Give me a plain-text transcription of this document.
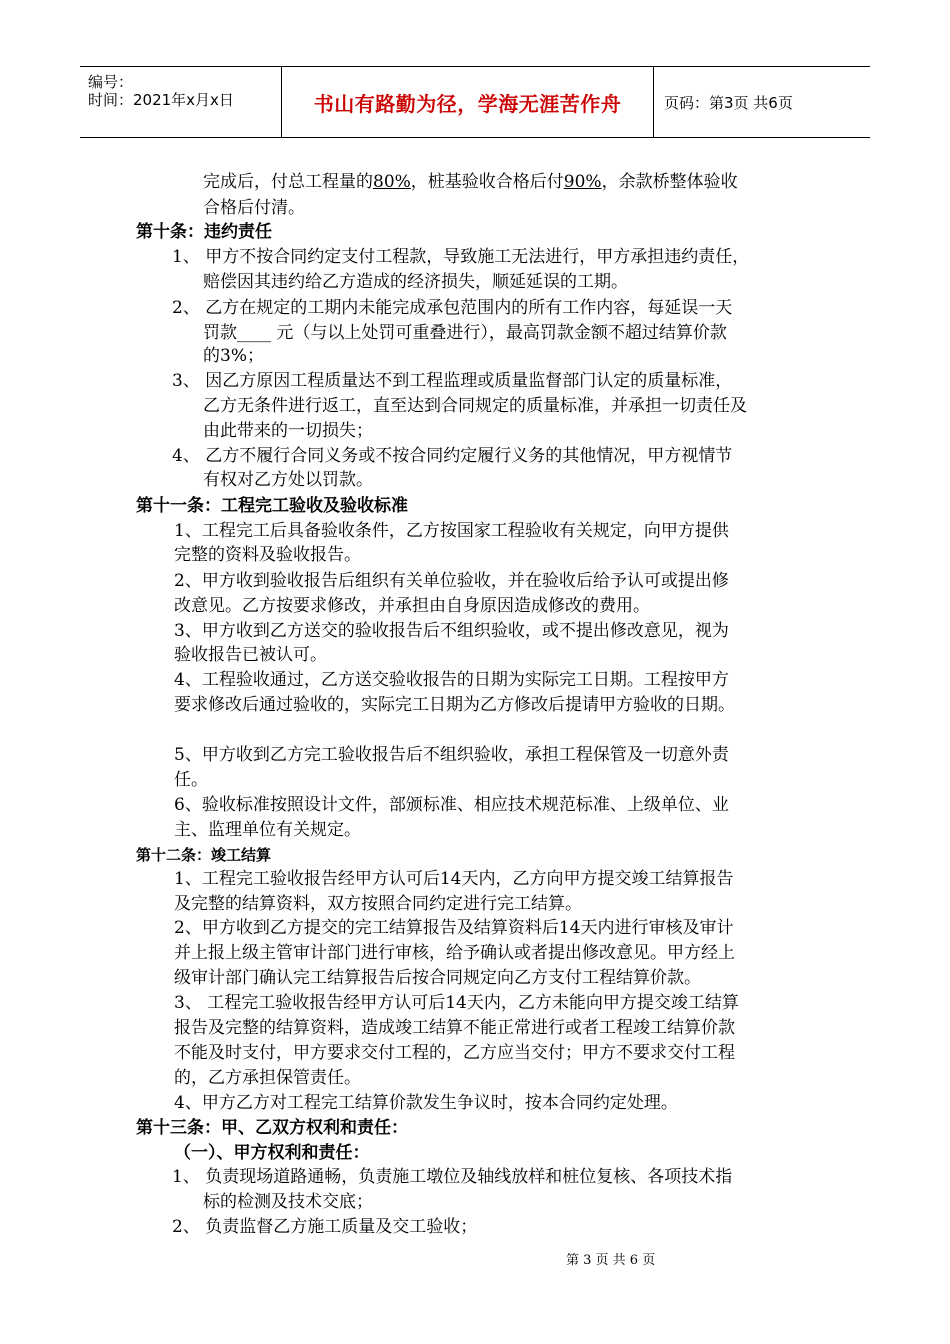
编号：
时间：2021年x月x日	书山有路勤为径，学海无涯苦作舟	页码：第3页 共6页
完成后，付总工程量的80%，桩基验收合格后付90%，余款桥整体验收
合格后付清。
第十条：违约责任
1、 甲方不按合同约定支付工程款，导致施工无法进行，甲方承担违约责任，
赔偿因其违约给乙方造成的经济损失，顺延延误的工期。
2、 乙方在规定的工期内未能完成承包范围内的所有工作内容，每延误一天
罚款____ 元（与以上处罚可重叠进行），最高罚款金额不超过结算价款
的3%；
3、 因乙方原因工程质量达不到工程监理或质量监督部门认定的质量标准，
乙方无条件进行返工，直至达到合同规定的质量标准，并承担一切责任及
由此带来的一切损失；
4、 乙方不履行合同义务或不按合同约定履行义务的其他情况，甲方视情节
有权对乙方处以罚款。
第十一条：工程完工验收及验收标准
1、工程完工后具备验收条件，乙方按国家工程验收有关规定，向甲方提供
完整的资料及验收报告。
2、甲方收到验收报告后组织有关单位验收，并在验收后给予认可或提出修
改意见。乙方按要求修改，并承担由自身原因造成修改的费用。
3、甲方收到乙方送交的验收报告后不组织验收，或不提出修改意见，视为
验收报告已被认可。
4、工程验收通过，乙方送交验收报告的日期为实际完工日期。工程按甲方
要求修改后通过验收的，实际完工日期为乙方修改后提请甲方验收的日期。
5、甲方收到乙方完工验收报告后不组织验收，承担工程保管及一切意外责
任。
6、验收标准按照设计文件，部颁标准、相应技术规范标准、上级单位、业
主、监理单位有关规定。
第十二条：竣工结算
1、工程完工验收报告经甲方认可后14天内，乙方向甲方提交竣工结算报告
及完整的结算资料，双方按照合同约定进行完工结算。
2、甲方收到乙方提交的完工结算报告及结算资料后14天内进行审核及审计
并上报上级主管审计部门进行审核，给予确认或者提出修改意见。甲方经上
级审计部门确认完工结算报告后按合同规定向乙方支付工程结算价款。
3、 工程完工验收报告经甲方认可后14天内，乙方未能向甲方提交竣工结算
报告及完整的结算资料，造成竣工结算不能正常进行或者工程竣工结算价款
不能及时支付，甲方要求交付工程的，乙方应当交付；甲方不要求交付工程
的，乙方承担保管责任。
4、甲方乙方对工程完工结算价款发生争议时，按本合同约定处理。
第十三条：甲、乙双方权利和责任：
（一）、甲方权利和责任：
1、 负责现场道路通畅，负责施工墩位及轴线放样和桩位复核、各项技术指
标的检测及技术交底；
2、 负责监督乙方施工质量及交工验收；
第 3 页 共 6 页
